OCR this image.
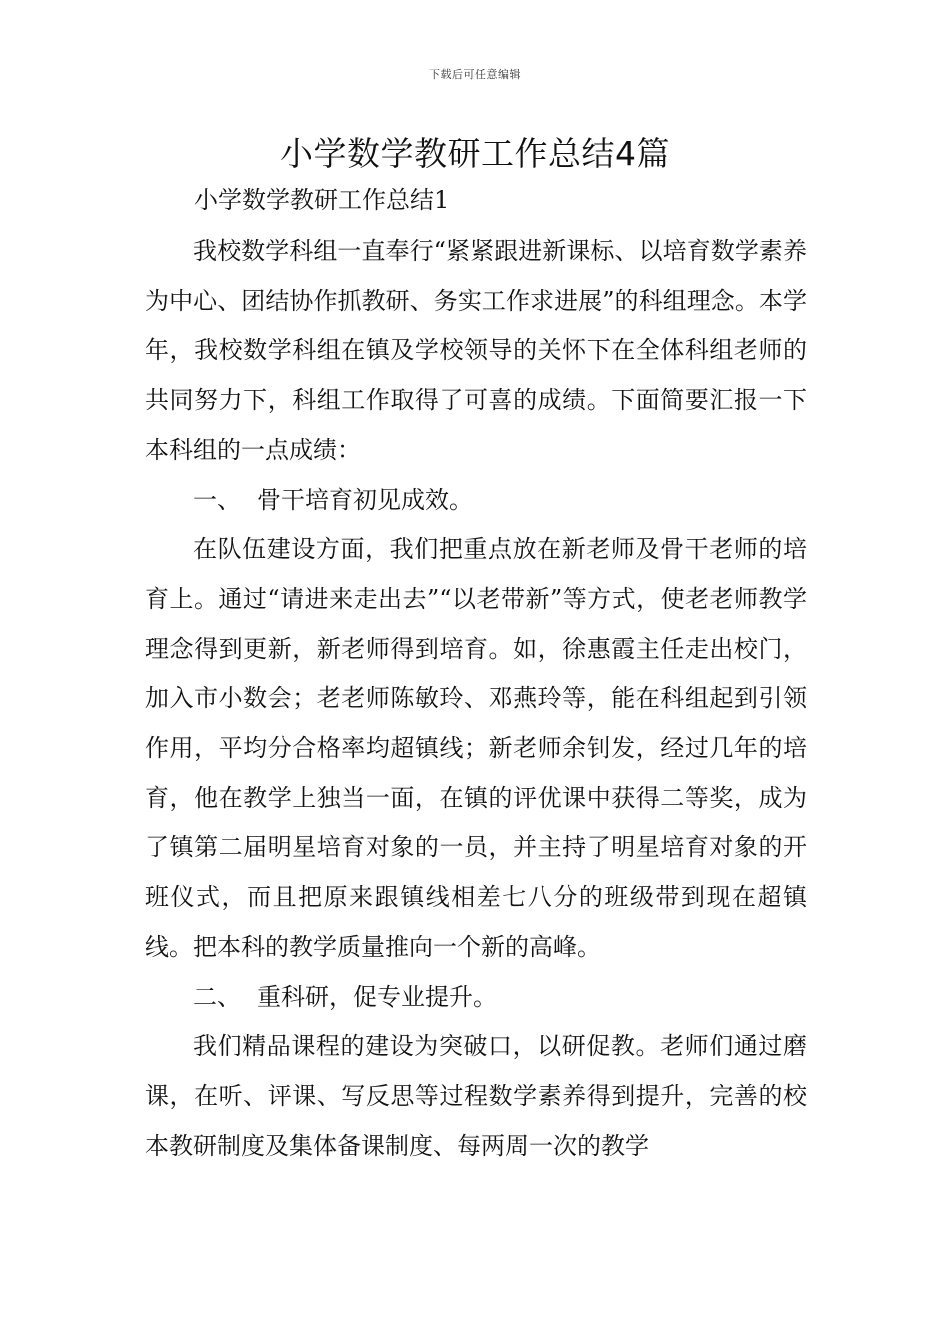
下载后可任意编辑
小学数学教研工作总结4篇

小学数学教研工作总结1

我校数学科组一直奉行“紧紧跟进新课标、以培育数学素养为中心、团结协作抓教研、务实工作求进展”的科组理念。本学年，我校数学科组在镇及学校领导的关怀下在全体科组老师的共同努力下，科组工作取得了可喜的成绩。下面简要汇报一下本科组的一点成绩：

一、 骨干培育初见成效。

在队伍建设方面，我们把重点放在新老师及骨干老师的培育上。通过“请进来走出去”“以老带新”等方式，使老老师教学理念得到更新，新老师得到培育。如，徐惠霞主任走出校门，加入市小数会；老老师陈敏玲、邓燕玲等，能在科组起到引领作用，平均分合格率均超镇线；新老师余钊发，经过几年的培育，他在教学上独当一面，在镇的评优课中获得二等奖，成为了镇第二届明星培育对象的一员，并主持了明星培育对象的开班仪式，而且把原来跟镇线相差七八分的班级带到现在超镇线。把本科的教学质量推向一个新的高峰。

二、 重科研，促专业提升。

我们精品课程的建设为突破口，以研促教。老师们通过磨课，在听、评课、写反思等过程数学素养得到提升，完善的校本教研制度及集体备课制度、每两周一次的教学
